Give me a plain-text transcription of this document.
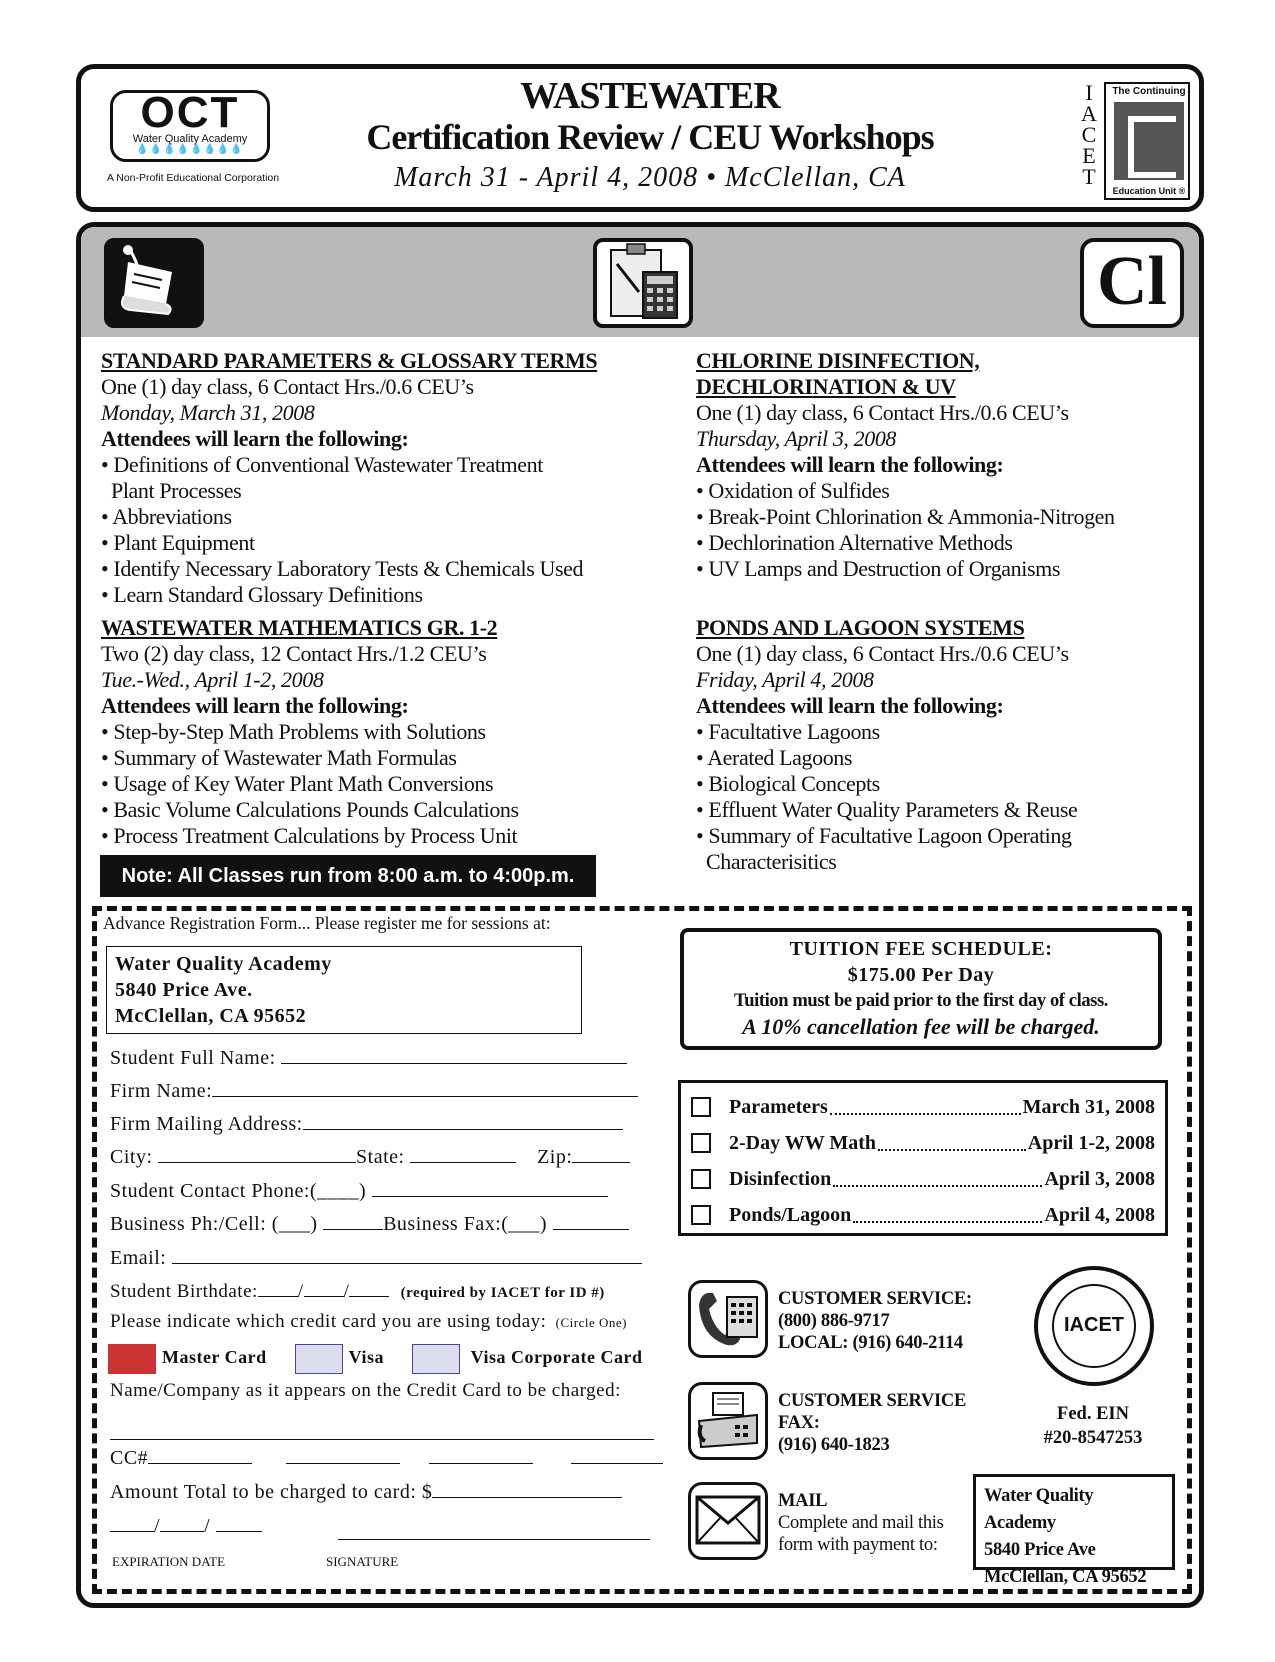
OCT
Water Quality Academy
💧💧💧💧💧💧💧💧
A Non-Profit Educational Corporation
WASTEWATER
Certification Review / CEU Workshops
March 31 - April 4, 2008 • McClellan, CA
I
A
C
E
T
The Continuing
Education Unit ®
Cl
STANDARD PARAMETERS & GLOSSARY TERMS
One (1) day class, 6 Contact Hrs./0.6 CEU’s
Monday, March 31, 2008
Attendees will learn the following:
• Definitions of Conventional Wastewater Treatment
Plant Processes
• Abbreviations
• Plant Equipment
• Identify Necessary Laboratory Tests & Chemicals Used
• Learn Standard Glossary Definitions
WASTEWATER MATHEMATICS GR. 1-2
Two (2) day class, 12 Contact Hrs./1.2 CEU’s
Tue.-Wed., April 1-2, 2008
Attendees will learn the following:
• Step-by-Step Math Problems with Solutions
• Summary of Wastewater Math Formulas
• Usage of Key Water Plant Math Conversions
• Basic Volume Calculations Pounds Calculations
• Process Treatment Calculations by Process Unit
CHLORINE DISINFECTION,
DECHLORINATION & UV
One (1) day class, 6 Contact Hrs./0.6 CEU’s
Thursday, April 3, 2008
Attendees will learn the following:
• Oxidation of Sulfides
• Break-Point Chlorination & Ammonia-Nitrogen
• Dechlorination Alternative Methods
• UV Lamps and Destruction of Organisms
PONDS AND LAGOON SYSTEMS
One (1) day class, 6 Contact Hrs./0.6 CEU’s
Friday, April 4, 2008
Attendees will learn the following:
• Facultative Lagoons
• Aerated Lagoons
• Biological Concepts
• Effluent Water Quality Parameters & Reuse
• Summary of Facultative Lagoon Operating
Characterisitics
Note: All Classes run from 8:00 a.m. to 4:00p.m.
Advance Registration Form... Please register me for sessions at:
Water Quality Academy
5840 Price Ave.
McClellan, CA 95652
Student Full Name:
Firm Name:
Firm Mailing Address:
City:	State:	Zip:
Student Contact Phone:(____)
Business Ph:/Cell: (___)	Business Fax:(___)
Email:
Student Birthdate: / /	(required by IACET for ID #)
Please indicate which credit card you are using today: (Circle One)
Master Card	Visa	Visa Corporate Card
Name/Company as it appears on the Credit Card to be charged:
CC#
Amount Total to be charged to card: $
/ /
EXPIRATION DATE	SIGNATURE
TUITION FEE SCHEDULE:
$175.00 Per Day
Tuition must be paid prior to the first day of class.
A 10% cancellation fee will be charged.
Parameters	March 31, 2008
2-Day WW Math	April 1-2, 2008
Disinfection	April 3, 2008
Ponds/Lagoon	April 4, 2008
CUSTOMER SERVICE:
(800) 886-9717
LOCAL: (916) 640-2114
CUSTOMER SERVICE
FAX:
(916) 640-1823
MAIL
Complete and mail this
form with payment to:
IACET
Fed. EIN
#20-8547253
Water Quality Academy
5840 Price Ave
McClellan, CA 95652
